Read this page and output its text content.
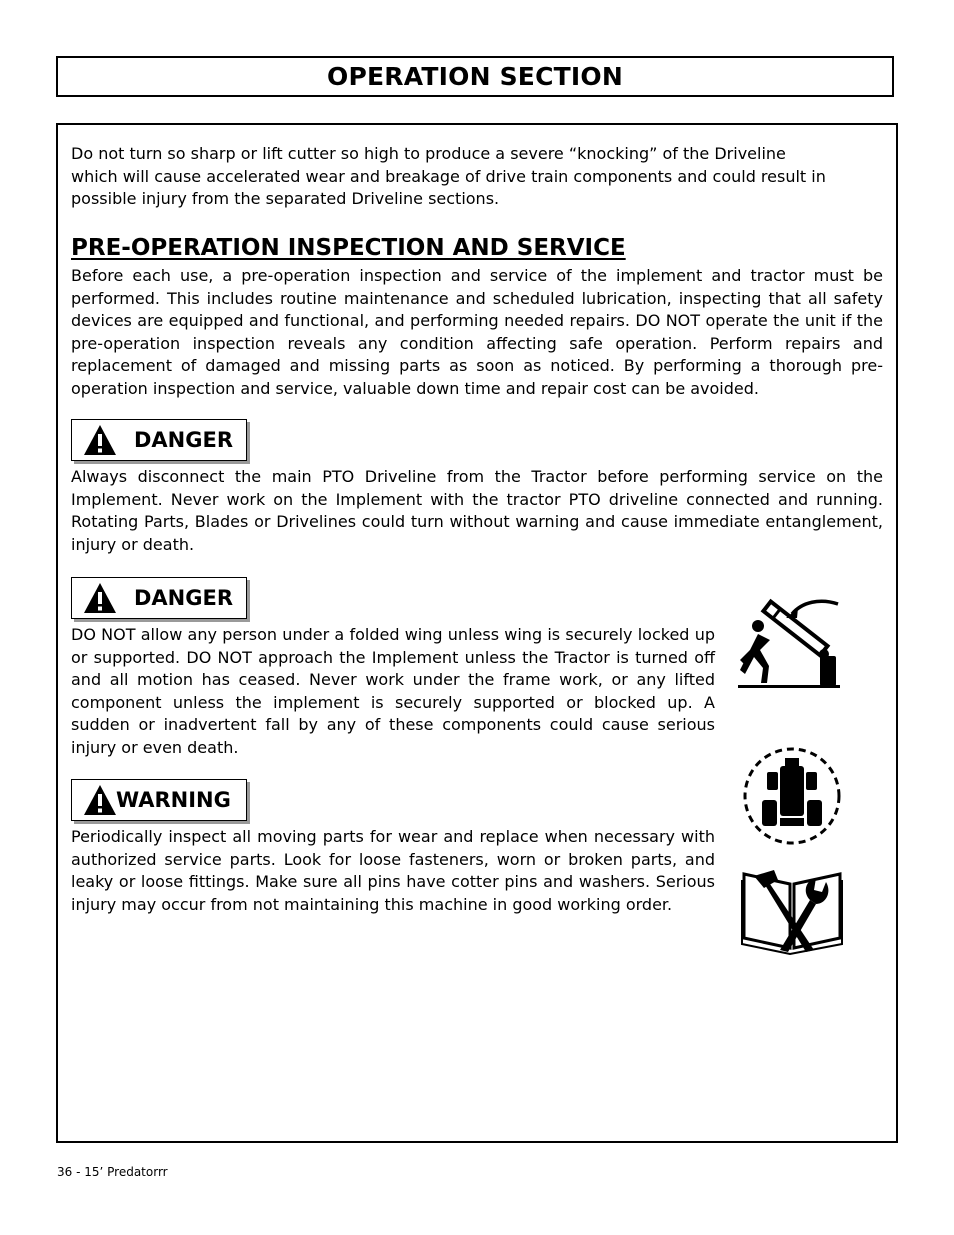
OPERATION SECTION

Do not turn so sharp or lift cutter so high to produce a severe “knocking” of the Driveline which will cause accelerated wear and breakage of drive train components and could result in possible injury from the separated Driveline sections.

PRE-OPERATION INSPECTION AND SERVICE

Before each use, a pre-operation inspection and service of the implement and tractor must be performed. This includes routine maintenance and scheduled lubrication, inspecting that all safety devices are equipped and functional, and performing needed repairs. DO NOT operate the unit if the pre-operation inspection reveals any condition affecting safe operation. Perform repairs and replacement of damaged and missing parts as soon as noticed. By performing a thorough pre-operation inspection and service, valuable down time and repair cost can be avoided.

DANGER

Always disconnect the main PTO Driveline from the Tractor before performing service on the Implement. Never work on the Implement with the tractor PTO driveline connected and running. Rotating Parts, Blades or Drivelines could turn without warning and cause immediate entanglement, injury or death.

DANGER

DO NOT allow any person under a folded wing unless wing is securely locked up or supported. DO NOT approach the Implement unless the Tractor is turned off and all motion has ceased. Never work under the frame work, or any lifted component unless the implement is securely supported or blocked up. A sudden or inadvertent fall by any of these components could cause serious injury or even death.

WARNING

Periodically inspect all moving parts for wear and replace when necessary with authorized service parts. Look for loose fasteners, worn or broken parts, and leaky or loose fittings. Make sure all pins have cotter pins and washers. Serious injury may occur from not maintaining this machine in good working order.

36 - 15’ Predatorrr
